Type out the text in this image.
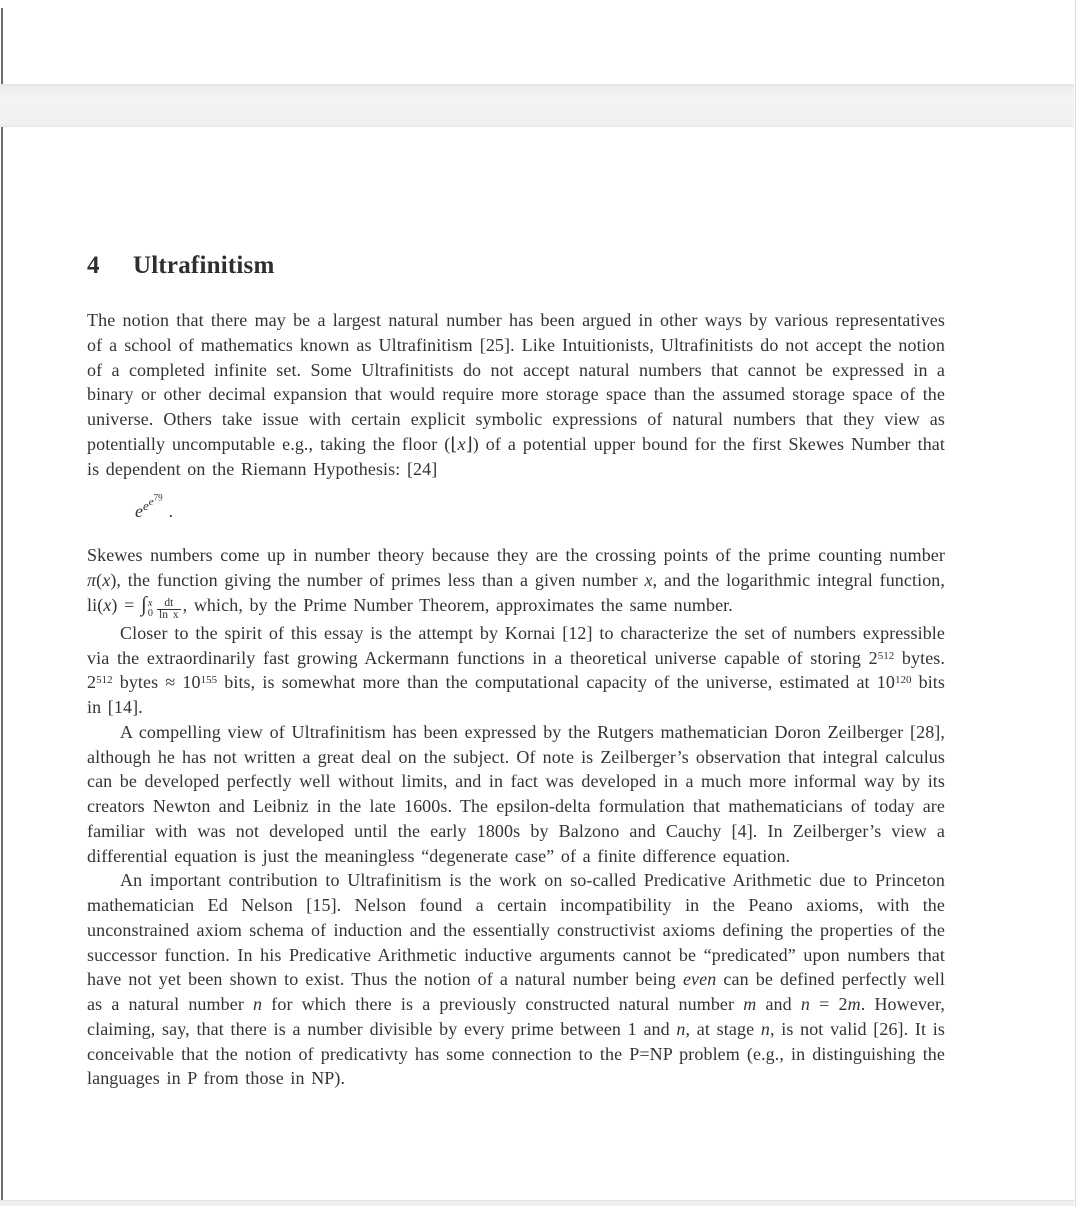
4 Ultrafinitism

The notion that there may be a largest natural number has been argued in other ways by various representatives of a school of mathematics known as Ultrafinitism [25]. Like Intuitionists, Ultrafinitists do not accept the notion of a completed infinite set. Some Ultrafinitists do not accept natural numbers that cannot be expressed in a binary or other decimal expansion that would require more storage space than the assumed storage space of the universe. Others take issue with certain explicit symbolic expressions of natural numbers that they view as potentially uncomputable e.g., taking the floor (⌊x⌋) of a potential upper bound for the first Skewes Number that is dependent on the Riemann Hypothesis: [24]

$e^{e^{e^{79}}}$.

Skewes numbers come up in number theory because they are the crossing points of the prime counting number π(x), the function giving the number of primes less than a given number x, and the logarithmic integral function, li(x) = ∫ x
$0 \frac{dt}{\text{ln x}}$ , which, by the Prime Number Theorem, approximates the same number.

Closer to the spirit of this essay is the attempt by Kornai [12] to characterize the set of numbers expressible via the extraordinarily fast growing Ackermann functions in a theoretical universe capable of storing $2^{512}$ bytes. $2^{512}$ bytes ≈ $10^{155}$ bits, is somewhat more than the computational capacity of the universe, estimated at $10^{120}$ bits in [14].

A compelling view of Ultrafinitism has been expressed by the Rutgers mathematician Doron Zeilberger [28], although he has not written a great deal on the subject. Of note is Zeilberger’s observation that integral calculus can be developed perfectly well without limits, and in fact was developed in a much more informal way by its creators Newton and Leibniz in the late 1600s. The epsilon-delta formulation that mathematicians of today are familiar with was not developed until the early 1800s by Balzono and Cauchy [4]. In Zeilberger’s view a differential equation is just the meaningless “degenerate case” of a finite difference equation.

An important contribution to Ultrafinitism is the work on so-called Predicative Arithmetic due to Princeton mathematician Ed Nelson [15]. Nelson found a certain incompatibility in the Peano axioms, with the unconstrained axiom schema of induction and the essentially constructivist axioms defining the properties of the successor function. In his Predicative Arithmetic inductive arguments cannot be “predicated” upon numbers that have not yet been shown to exist. Thus the notion of a natural number being even can be defined perfectly well as a natural number n for which there is a previously constructed natural number m and n = 2m. However, claiming, say, that there is a number divisible by every prime between 1 and n, at stage n, is not valid [26]. It is conceivable that the notion of predicativty has some connection to the P=NP problem (e.g., in distinguishing the languages in P from those in NP).
